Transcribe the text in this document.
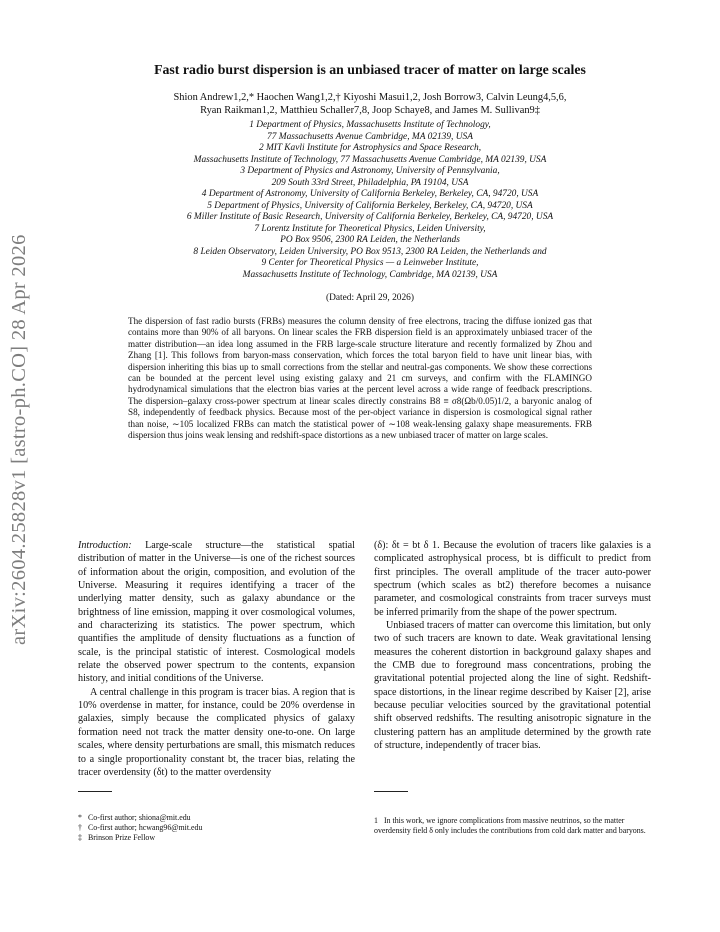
arXiv:2604.25828v1 [astro-ph.CO] 28 Apr 2026
Fast radio burst dispersion is an unbiased tracer of matter on large scales
Shion Andrew1,2,* Haochen Wang1,2,† Kiyoshi Masui1,2, Josh Borrow3, Calvin Leung4,5,6,
Ryan Raikman1,2, Matthieu Schaller7,8, Joop Schaye8, and James M. Sullivan9‡
1 Department of Physics, Massachusetts Institute of Technology,
77 Massachusetts Avenue Cambridge, MA 02139, USA
2 MIT Kavli Institute for Astrophysics and Space Research,
Massachusetts Institute of Technology, 77 Massachusetts Avenue Cambridge, MA 02139, USA
3 Department of Physics and Astronomy, University of Pennsylvania,
209 South 33rd Street, Philadelphia, PA 19104, USA
4 Department of Astronomy, University of California Berkeley, Berkeley, CA, 94720, USA
5 Department of Physics, University of California Berkeley, Berkeley, CA, 94720, USA
6 Miller Institute of Basic Research, University of California Berkeley, Berkeley, CA, 94720, USA
7 Lorentz Institute for Theoretical Physics, Leiden University,
PO Box 9506, 2300 RA Leiden, the Netherlands
8 Leiden Observatory, Leiden University, PO Box 9513, 2300 RA Leiden, the Netherlands and
9 Center for Theoretical Physics — a Leinweber Institute,
Massachusetts Institute of Technology, Cambridge, MA 02139, USA
(Dated: April 29, 2026)
The dispersion of fast radio bursts (FRBs) measures the column density of free electrons, tracing the diffuse ionized gas that contains more than 90% of all baryons. On linear scales the FRB dispersion field is an approximately unbiased tracer of the matter distribution—an idea long assumed in the FRB large-scale structure literature and recently formalized by Zhou and Zhang [1]. This follows from baryon-mass conservation, which forces the total baryon field to have unit linear bias, with dispersion inheriting this bias up to small corrections from the stellar and neutral-gas components. We show these corrections can be bounded at the percent level using existing galaxy and 21 cm surveys, and confirm with the FLAMINGO hydrodynamical simulations that the electron bias varies at the percent level across a wide range of feedback prescriptions. The dispersion–galaxy cross-power spectrum at linear scales directly constrains B8 ≡ σ8(Ωb/0.05)1/2, a baryonic analog of S8, independently of feedback physics. Because most of the per-object variance in dispersion is cosmological signal rather than noise, ∼105 localized FRBs can match the statistical power of ∼108 weak-lensing galaxy shape measurements. FRB dispersion thus joins weak lensing and redshift-space distortions as a new unbiased tracer of matter on large scales.

Introduction: Large-scale structure—the statistical spatial distribution of matter in the Universe—is one of the richest sources of information about the origin, composition, and evolution of the Universe. Measuring it requires identifying a tracer of the underlying matter density, such as galaxy abundance or the brightness of line emission, mapping it over cosmological volumes, and characterizing its statistics. The power spectrum, which quantifies the amplitude of density fluctuations as a function of scale, is the principal statistic of interest. Cosmological models relate the observed power spectrum to the contents, expansion history, and initial conditions of the Universe.

A central challenge in this program is tracer bias. A region that is 10% overdense in matter, for instance, could be 20% overdense in galaxies, simply because the complicated physics of galaxy formation need not track the matter density one-to-one. On large scales, where density perturbations are small, this mismatch reduces to a single proportionality constant bt, the tracer bias, relating the tracer overdensity (δt) to the matter overdensity

(δ): δt = bt δ 1. Because the evolution of tracers like galaxies is a complicated astrophysical process, bt is difficult to predict from first principles. The overall amplitude of the tracer auto-power spectrum (which scales as bt2) therefore becomes a nuisance parameter, and cosmological constraints from tracer surveys must be inferred primarily from the shape of the power spectrum.

Unbiased tracers of matter can overcome this limitation, but only two of such tracers are known to date. Weak gravitational lensing measures the coherent distortion in background galaxy shapes and the CMB due to foreground mass concentrations, probing the gravitational potential projected along the line of sight. Redshift-space distortions, in the linear regime described by Kaiser [2], arise because peculiar velocities sourced by the gravitational potential shift observed redshifts. The resulting anisotropic signature in the clustering pattern has an amplitude determined by the growth rate of structure, independently of tracer bias.

* Co-first author; shiona@mit.edu
† Co-first author; hcwang96@mit.edu
‡ Brinson Prize Fellow
1 In this work, we ignore complications from massive neutrinos, so the matter overdensity field δ only includes the contributions from cold dark matter and baryons.
